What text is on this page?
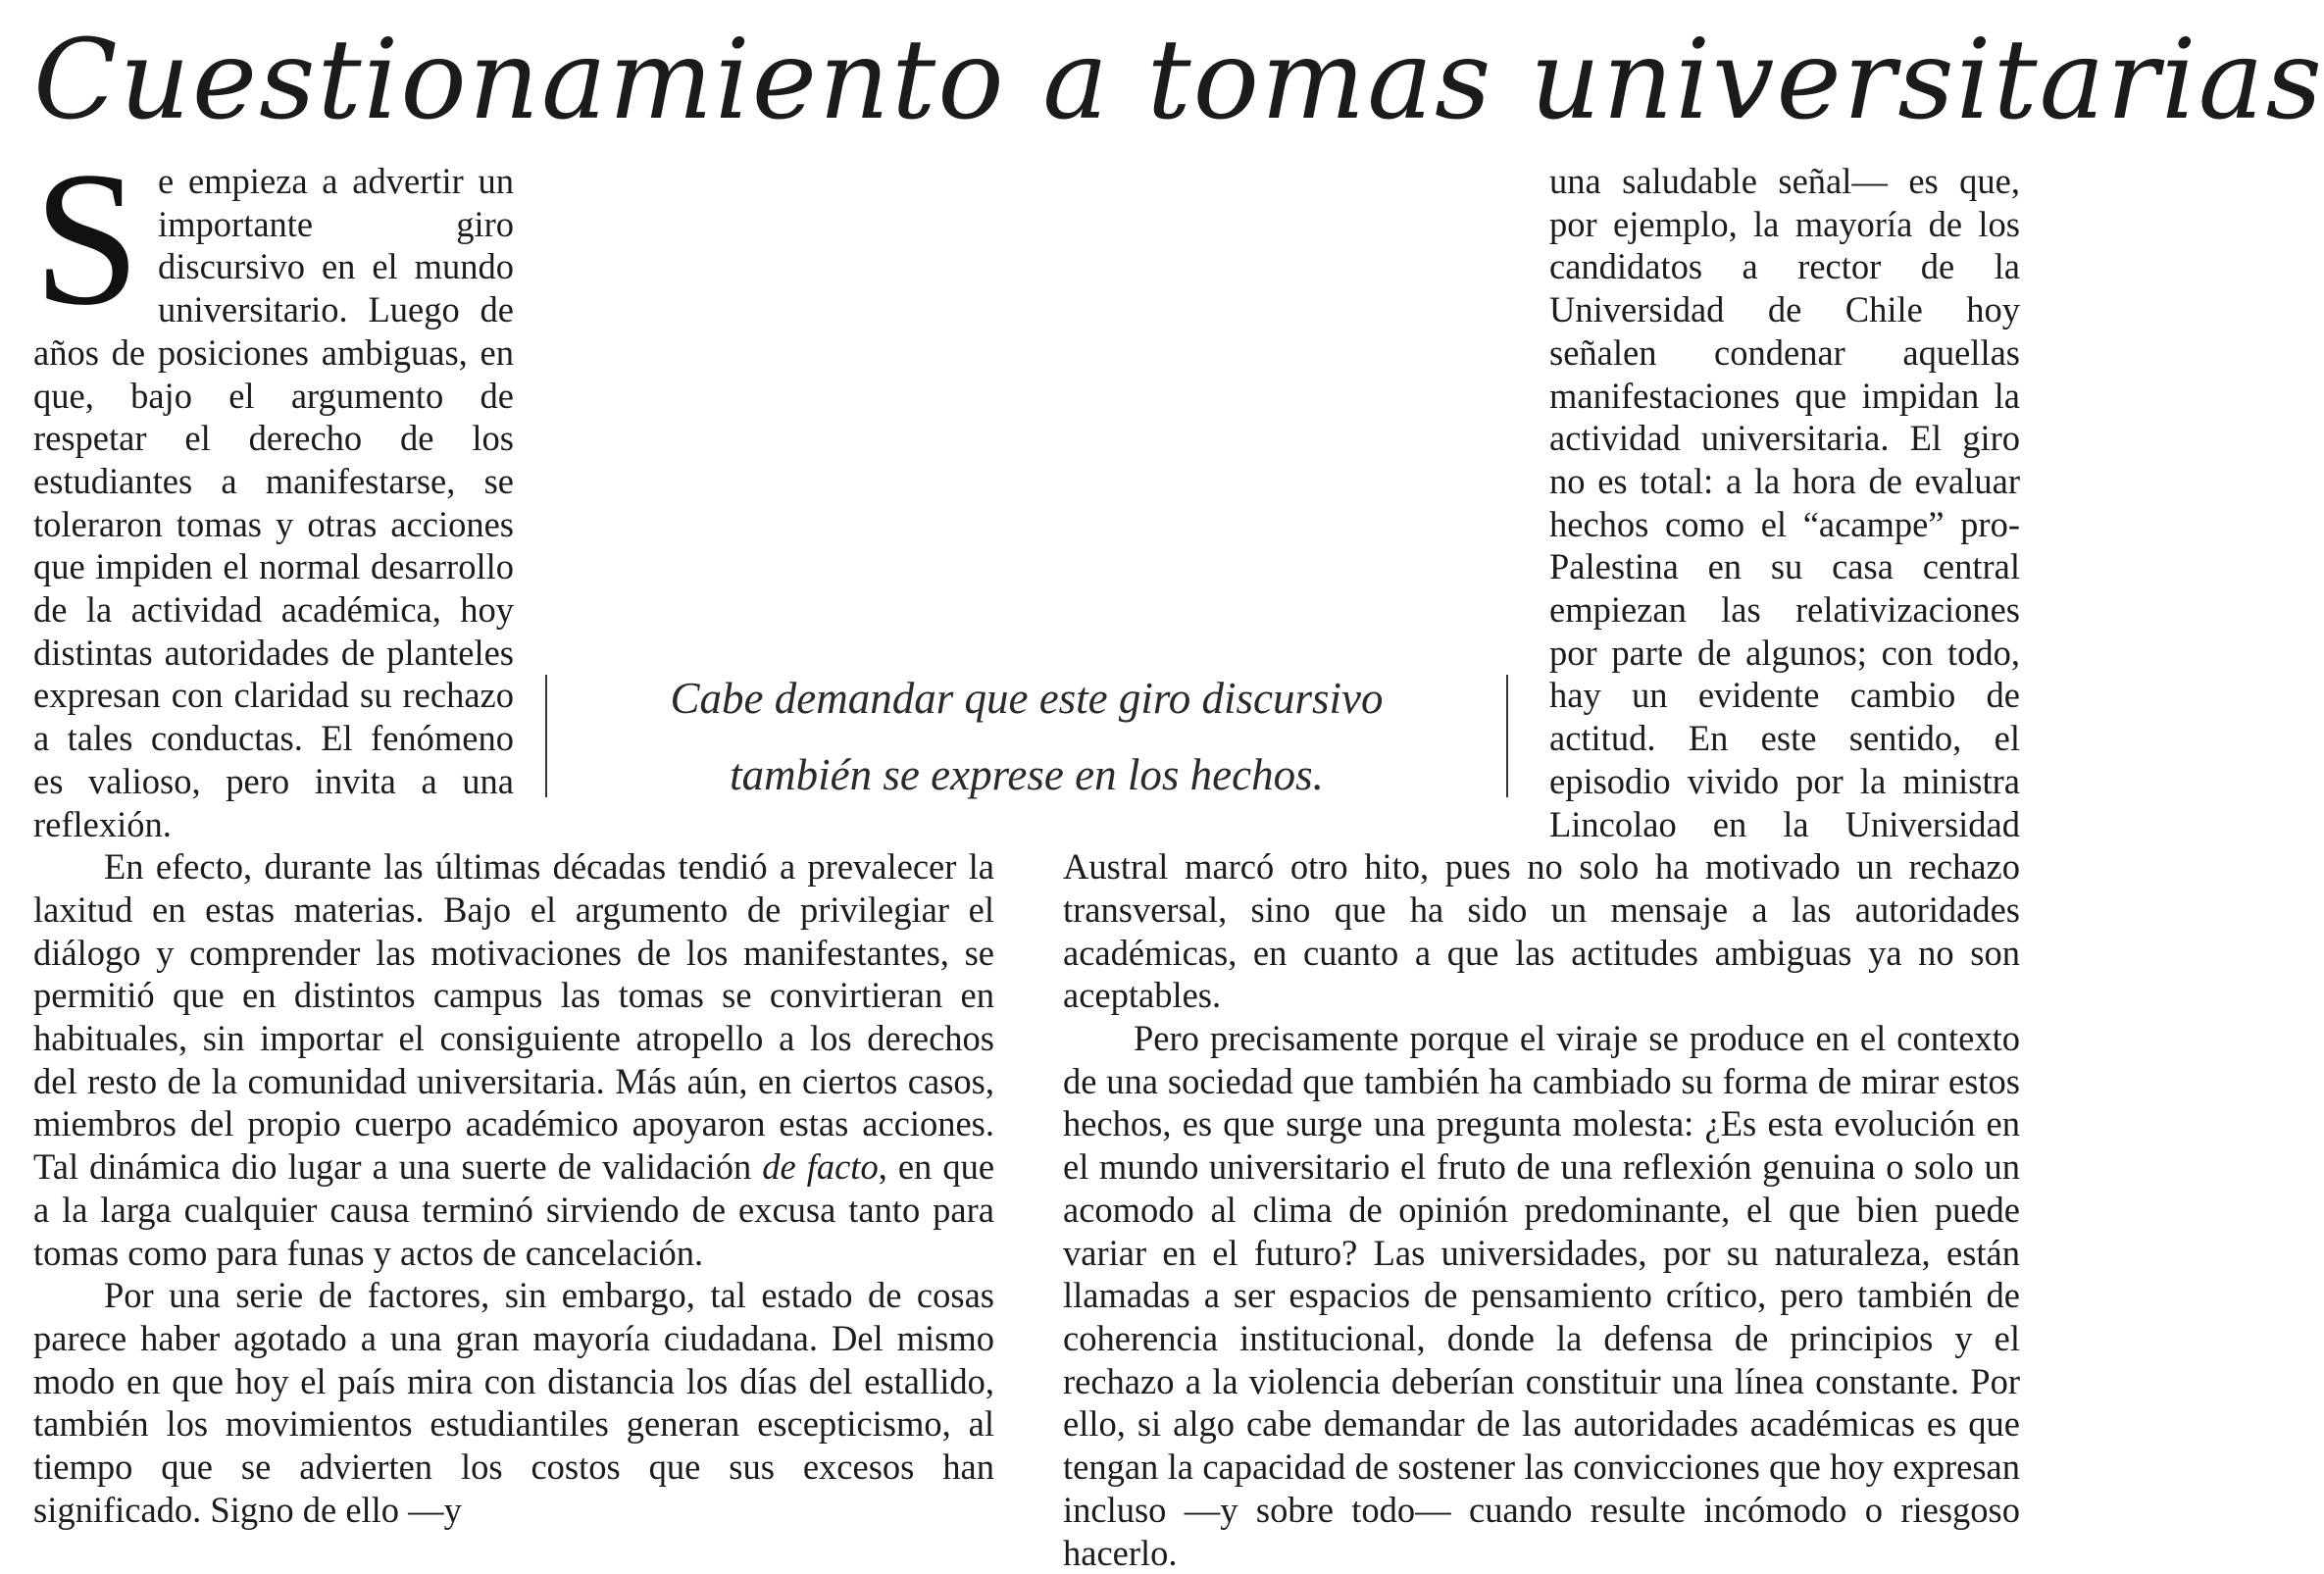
Cuestionamiento a tomas universitarias

Se empieza a advertir un importante giro discursivo en el mundo universitario. Luego de años de posiciones ambiguas, en que, bajo el argumento de respetar el derecho de los estudiantes a manifestarse, se toleraron tomas y otras acciones que impiden el normal desarrollo de la actividad académica, hoy distintas autoridades de planteles expresan con claridad su rechazo a tales conductas. El fenómeno es valioso, pero invita a una reflexión.

En efecto, durante las últimas décadas tendió a prevalecer la laxitud en estas materias. Bajo el argumento de privilegiar el diálogo y comprender las motivaciones de los manifestantes, se permitió que en distintos campus las tomas se convirtieran en habituales, sin importar el consiguiente atropello a los derechos del resto de la comunidad universitaria. Más aún, en ciertos casos, miembros del propio cuerpo académico apoyaron estas acciones. Tal dinámica dio lugar a una suerte de validación de facto, en que a la larga cualquier causa terminó sirviendo de excusa tanto para tomas como para funas y actos de cancelación.

Por una serie de factores, sin embargo, tal estado de cosas parece haber agotado a una gran mayoría ciudadana. Del mismo modo en que hoy el país mira con distancia los días del estallido, también los movimientos estudiantiles generan escepticismo, al tiempo que se advierten los costos que sus excesos han significado. Signo de ello —y

una saludable señal— es que, por ejemplo, la mayoría de los candidatos a rector de la Universidad de Chile hoy señalen condenar aquellas manifestaciones que impidan la actividad universitaria. El giro no es total: a la hora de evaluar hechos como el “acampe” pro-Palestina en su casa central empiezan las relativizaciones por parte de algunos; con todo, hay un evidente cambio de actitud. En este sentido, el episodio vivido por la ministra Lincolao en la Universidad Austral marcó otro hito, pues no solo ha motivado un rechazo transversal, sino que ha sido un mensaje a las autoridades académicas, en cuanto a que las actitudes ambiguas ya no son aceptables.

Pero precisamente porque el viraje se produce en el contexto de una sociedad que también ha cambiado su forma de mirar estos hechos, es que surge una pregunta molesta: ¿Es esta evolución en el mundo universitario el fruto de una reflexión genuina o solo un acomodo al clima de opinión predominante, el que bien puede variar en el futuro? Las universidades, por su naturaleza, están llamadas a ser espacios de pensamiento crítico, pero también de coherencia institucional, donde la defensa de principios y el rechazo a la violencia deberían constituir una línea constante. Por ello, si algo cabe demandar de las autoridades académicas es que tengan la capacidad de sostener las convicciones que hoy expresan incluso —y sobre todo— cuando resulte incómodo o riesgoso hacerlo.

Cabe demandar que este giro discursivo
también se exprese en los hechos.
